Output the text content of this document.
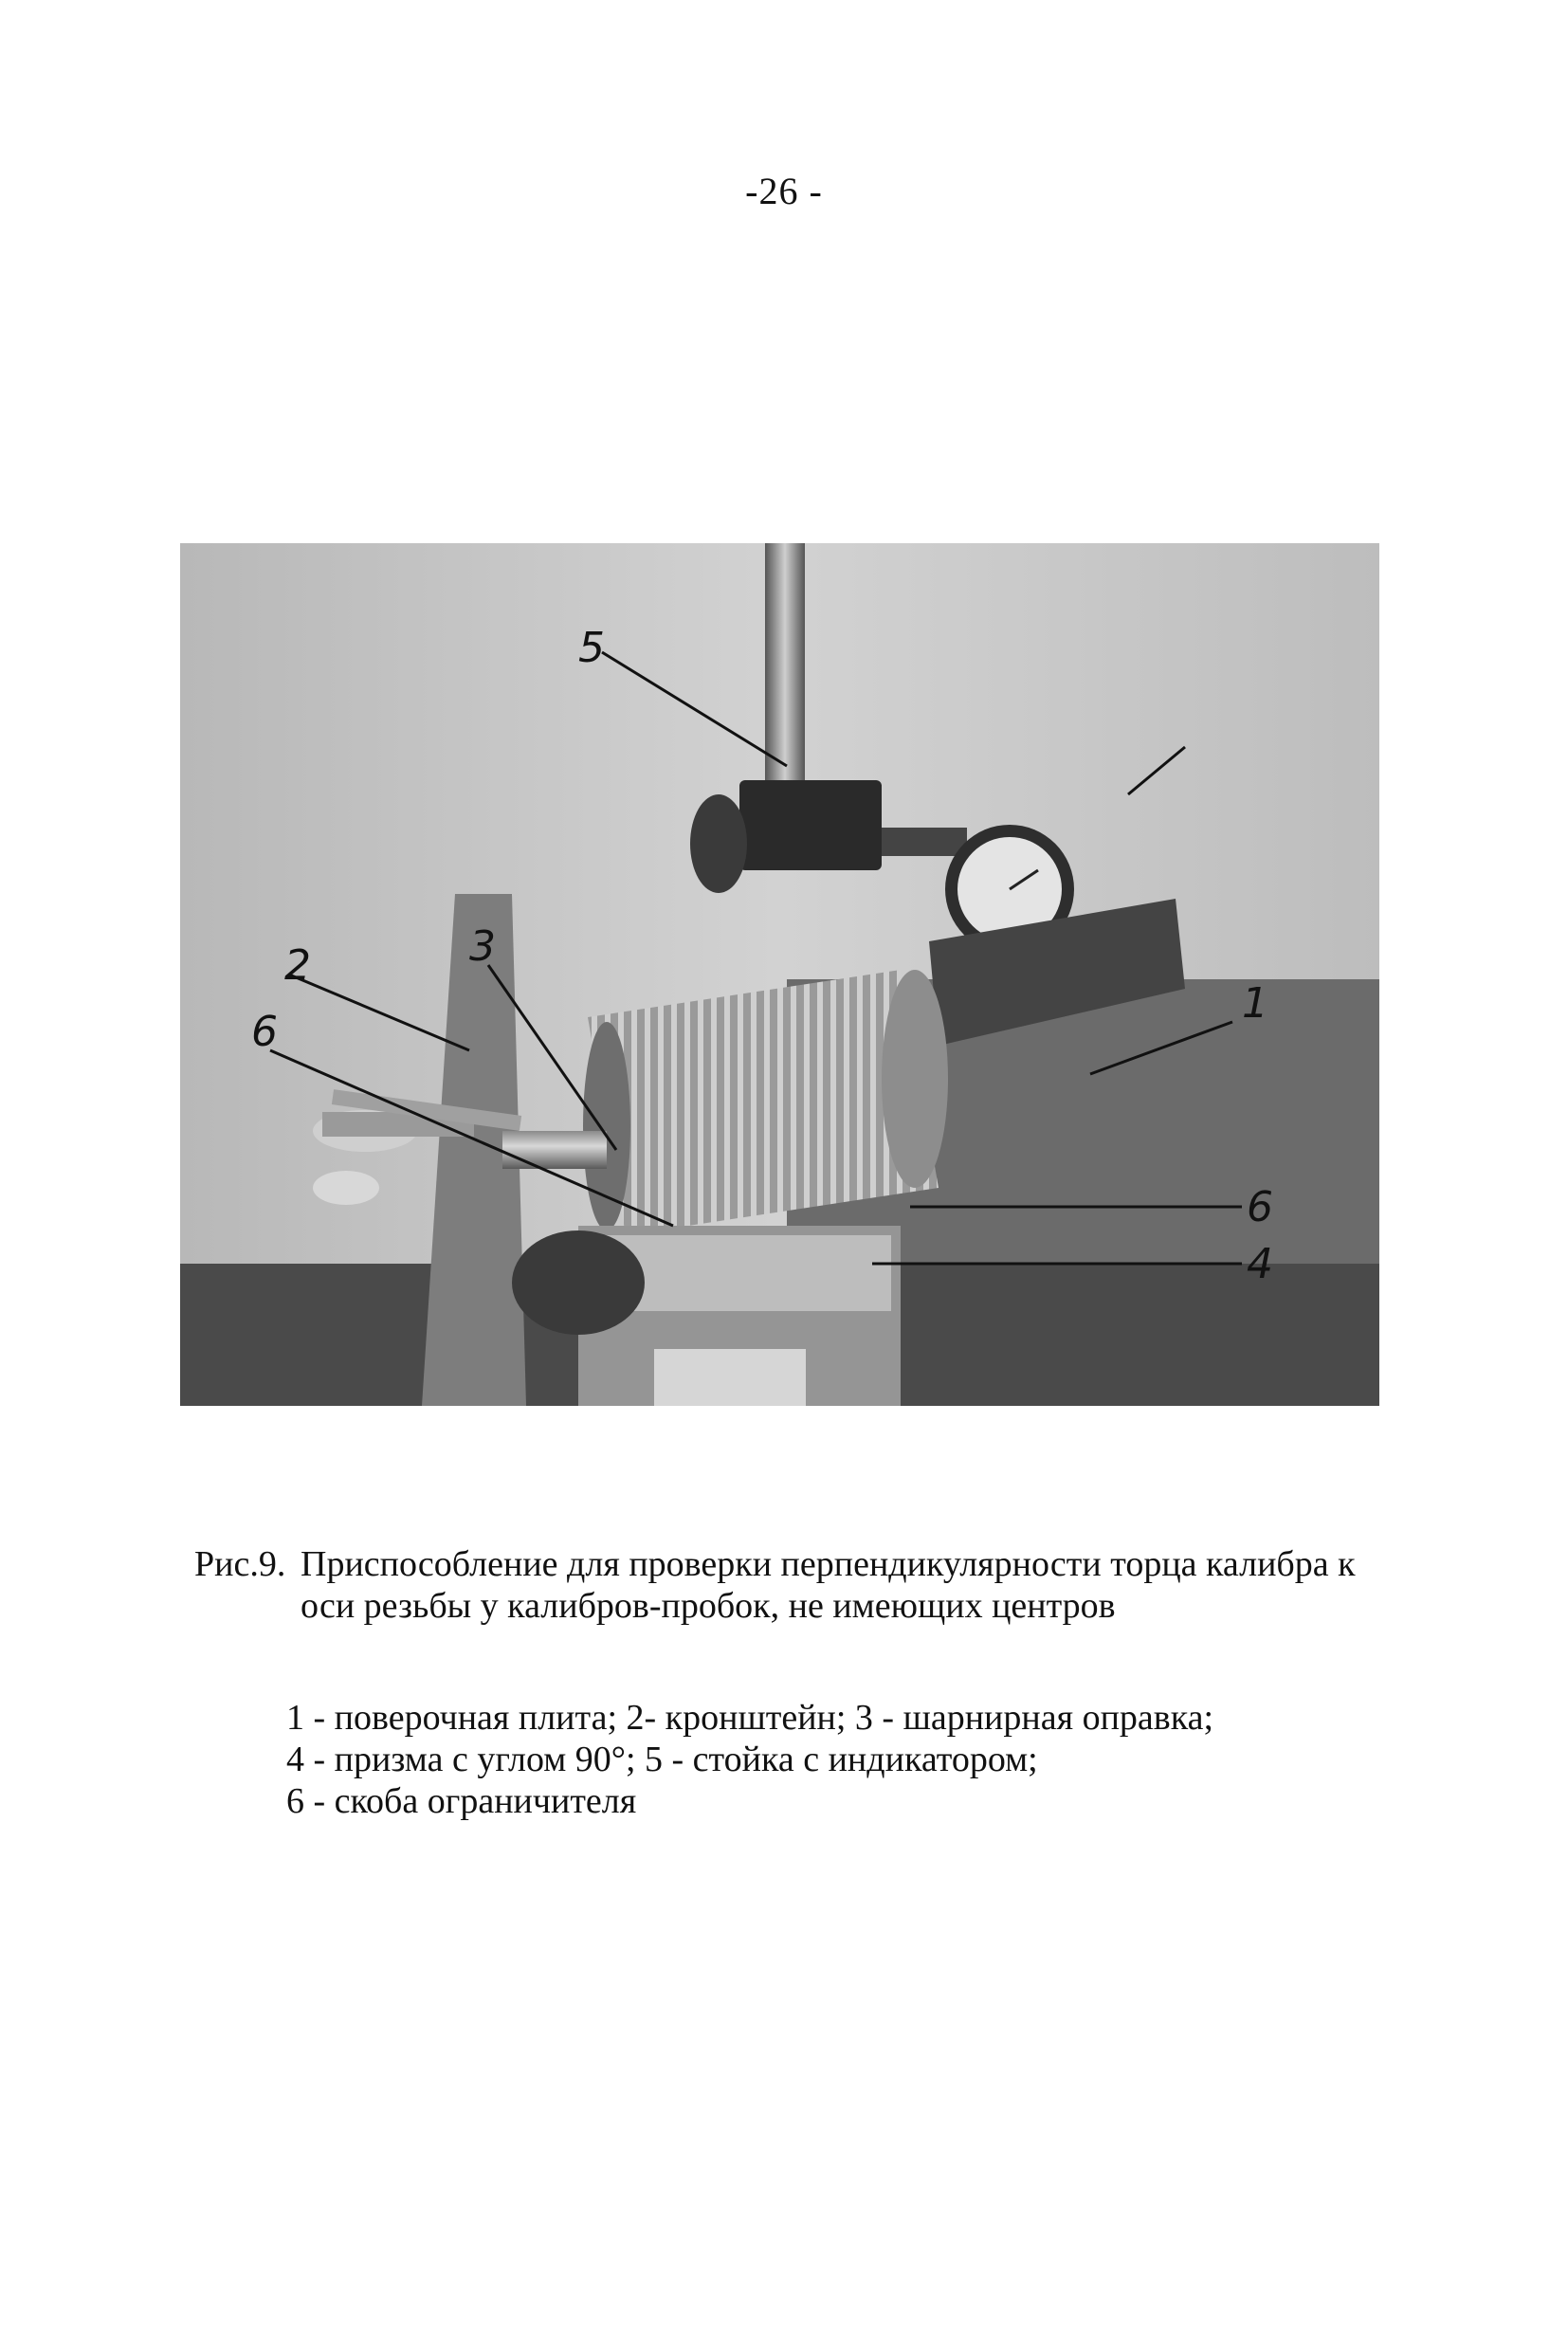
-26 -
5
3
2
6
1
6
4
Рис.9. Приспособление для проверки перпендикулярности торца калибра к оси резьбы у калибров-пробок, не имеющих центров
1 - поверочная плита; 2- кронштейн; 3 - шарнирная оправка;
4 - призма с углом 90°; 5 - стойка с индикатором;
6 - скоба ограничителя
